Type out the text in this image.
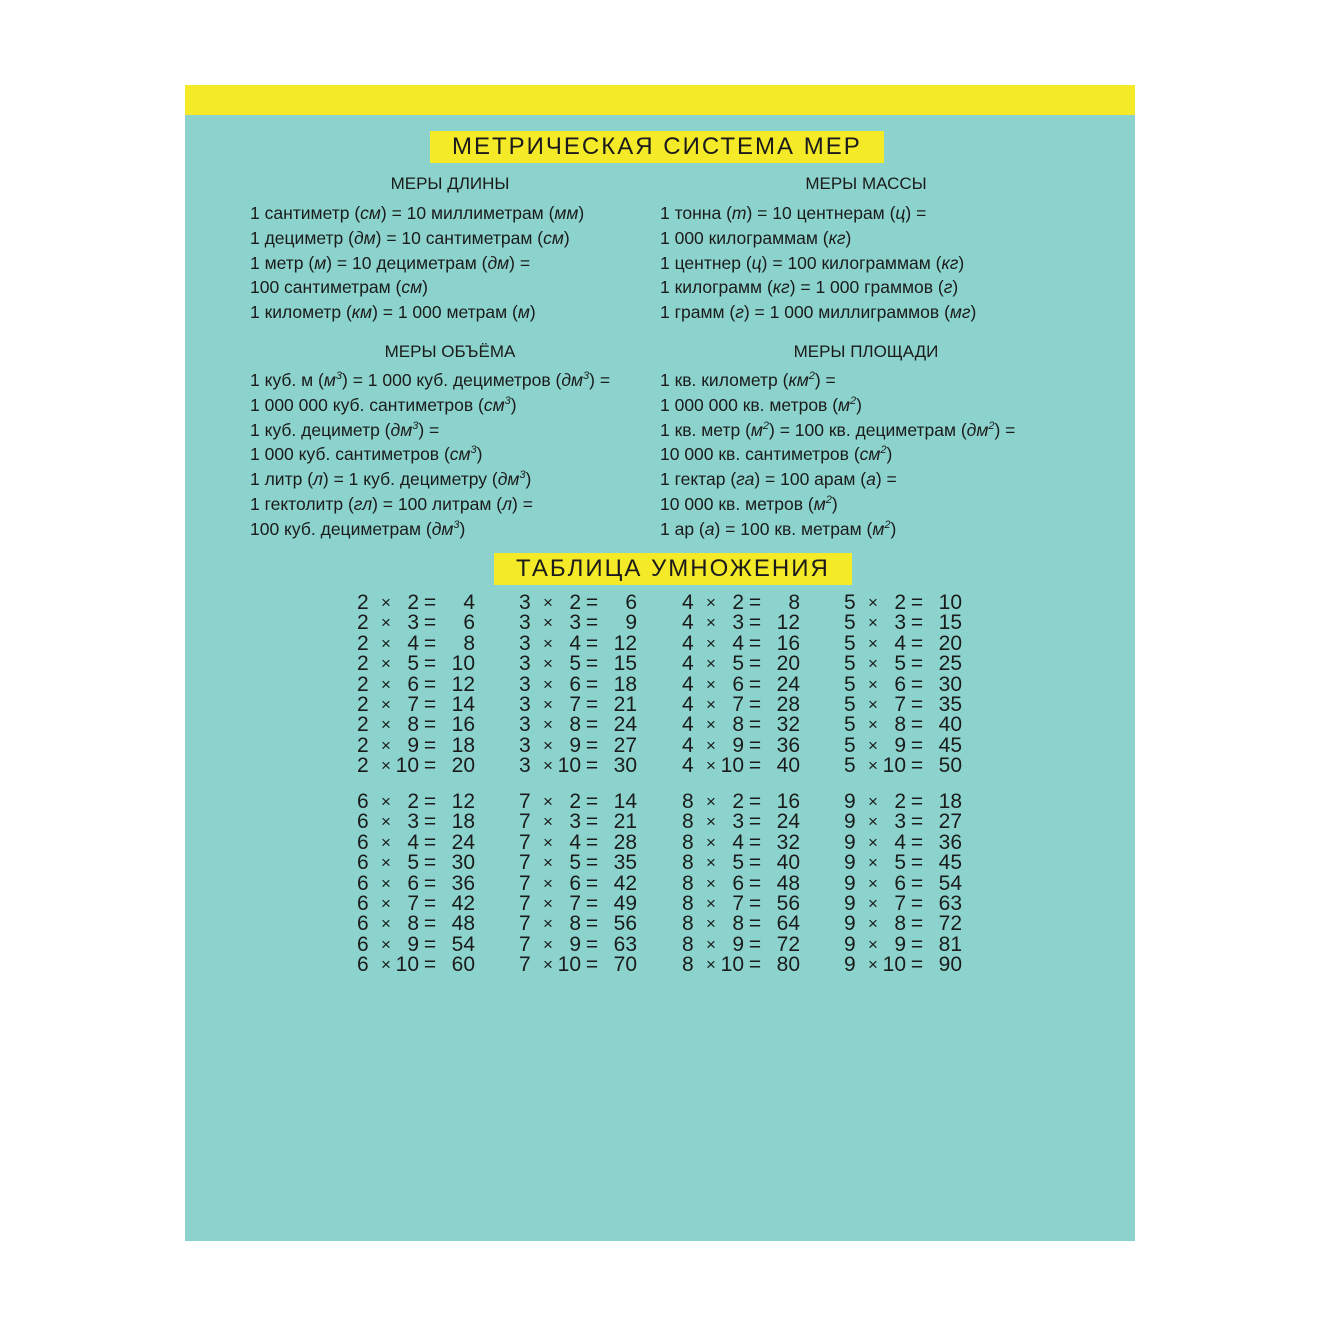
МЕТРИЧЕСКАЯ СИСТЕМА МЕР
МЕРЫ ДЛИНЫ	МЕРЫ МАССЫ
1 сантиметр (см) = 10 миллиметрам (мм)
1 дециметр (дм) = 10 сантиметрам (см)
1 метр (м) = 10 дециметрам (дм) =
100 сантиметрам (см)
1 километр (км) = 1 000 метрам (м)
1 тонна (т) = 10 центнерам (ц) =
1 000 килограммам (кг)
1 центнер (ц) = 100 килограммам (кг)
1 килограмм (кг) = 1 000 граммов (г)
1 грамм (г) = 1 000 миллиграммов (мг)
МЕРЫ ОБЪЁМА	МЕРЫ ПЛОЩАДИ
1 куб. м $(м^3) = 1$ 000 куб. дециметров $(дм^3)$ =
1 000 000 куб. сантиметров $(см^3)$
1 куб. дециметр $(дм^3)$ =
1 000 куб. сантиметров $(см^3)$
1 литр (л) = 1 куб. дециметру $(дм^3)$
1 гектолитр (гл) = 100 литрам (л) =
100 куб. дециметрам $(дм^3)$
1 кв. километр $(км^2)$ =
1 000 000 кв. метров $(м^2)$
1 кв. метр $(м^2) = 100$ кв. дециметрам $(дм^2)$ =
10 000 кв. сантиметров $(см^2)$
1 гектар (га) = 100 арам (а) =
10 000 кв. метров $(м^2)$
1 ар (а) = 100 кв. метрам $(м^2)$
ТАБЛИЦА УМНОЖЕНИЯ
2 × 2 =	4
2 × 3 =	6
2 × 4 =	8
2 × 5 = 10
2 × 6 = 12
2 × 7 = 14
2 × 8 = 16
2 × 9 = 18
2 × 10 = 20
3 × 2 =	6
3 × 3 =	9
3 × 4 = 12
3 × 5 = 15
3 × 6 = 18
3 × 7 = 21
3 × 8 = 24
3 × 9 = 27
3 × 10 = 30
4 × 2 =	8
4 × 3 = 12
4 × 4 = 16
4 × 5 = 20
4 × 6 = 24
4 × 7 = 28
4 × 8 = 32
4 × 9 = 36
4 × 10 = 40
5 × 2 = 10
5 × 3 = 15
5 × 4 = 20
5 × 5 = 25
5 × 6 = 30
5 × 7 = 35
5 × 8 = 40
5 × 9 = 45
5 × 10 = 50
6 × 2 = 12
6 × 3 = 18
6 × 4 = 24
6 × 5 = 30
6 × 6 = 36
6 × 7 = 42
6 × 8 = 48
6 × 9 = 54
6 × 10 = 60
7 × 2 = 14
7 × 3 = 21
7 × 4 = 28
7 × 5 = 35
7 × 6 = 42
7 × 7 = 49
7 × 8 = 56
7 × 9 = 63
7 × 10 = 70
8 × 2 = 16
8 × 3 = 24
8 × 4 = 32
8 × 5 = 40
8 × 6 = 48
8 × 7 = 56
8 × 8 = 64
8 × 9 = 72
8 × 10 = 80
9 × 2 = 18
9 × 3 = 27
9 × 4 = 36
9 × 5 = 45
9 × 6 = 54
9 × 7 = 63
9 × 8 = 72
9 × 9 = 81
9 × 10 = 90
